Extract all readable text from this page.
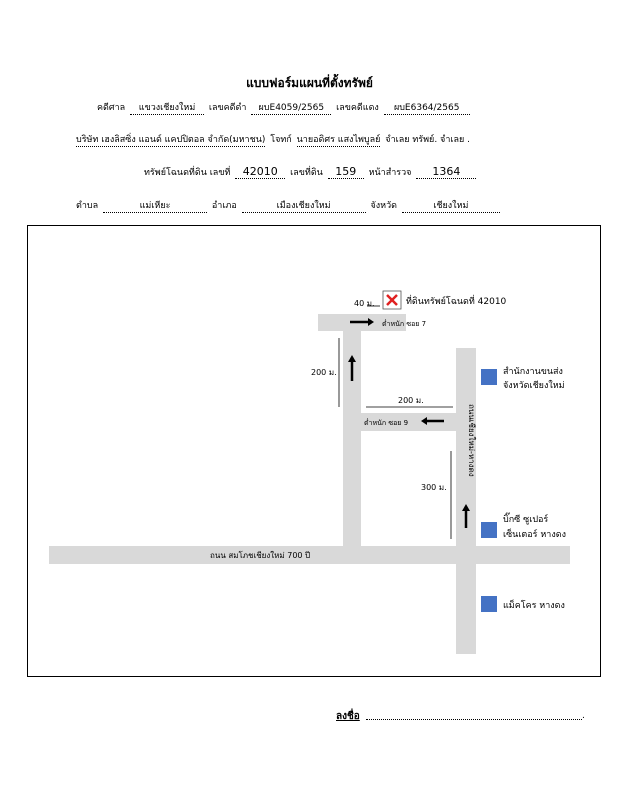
แบบฟอร์มแผนที่ตั้งทรัพย์
คดีศาล แขวงเชียงใหม่ เลขคดีดำ ผบE4059/2565 เลขคดีแดง ผบE6364/2565
บริษัท เฮงลิสซิ่ง แอนด์ แคปปิตอล จำกัด(มหาชน) โจทก์ นายอดิศร แสงไพบูลย์ จำเลย ทรัพย์. จำเลย .
ทรัพย์โฉนดที่ดิน เลขที่ 42010 เลขที่ดิน 159 หน้าสำรวจ 1364
ตำบล	แม่เหียะ	อำเภอ	เมืองเชียงใหม่	จังหวัด	เชียงใหม่
ที่ดินทรัพย์โฉนดที่ 42010
40 ม.
ต่ำหนัก ซอย 7
200 ม.
200 ม.
ต่ำหนัก ซอย 9
300 ม.
ถนน สมโภชเชียงใหม่ 700 ปี
ถนนเชียงใหม่-หางดง
สำนักงานขนส่ง
จังหวัดเชียงใหม่
บิ๊กซี ซูเปอร์
เซ็นเตอร์ หางดง
แม็คโคร หางดง
ลงชื่อ	.
